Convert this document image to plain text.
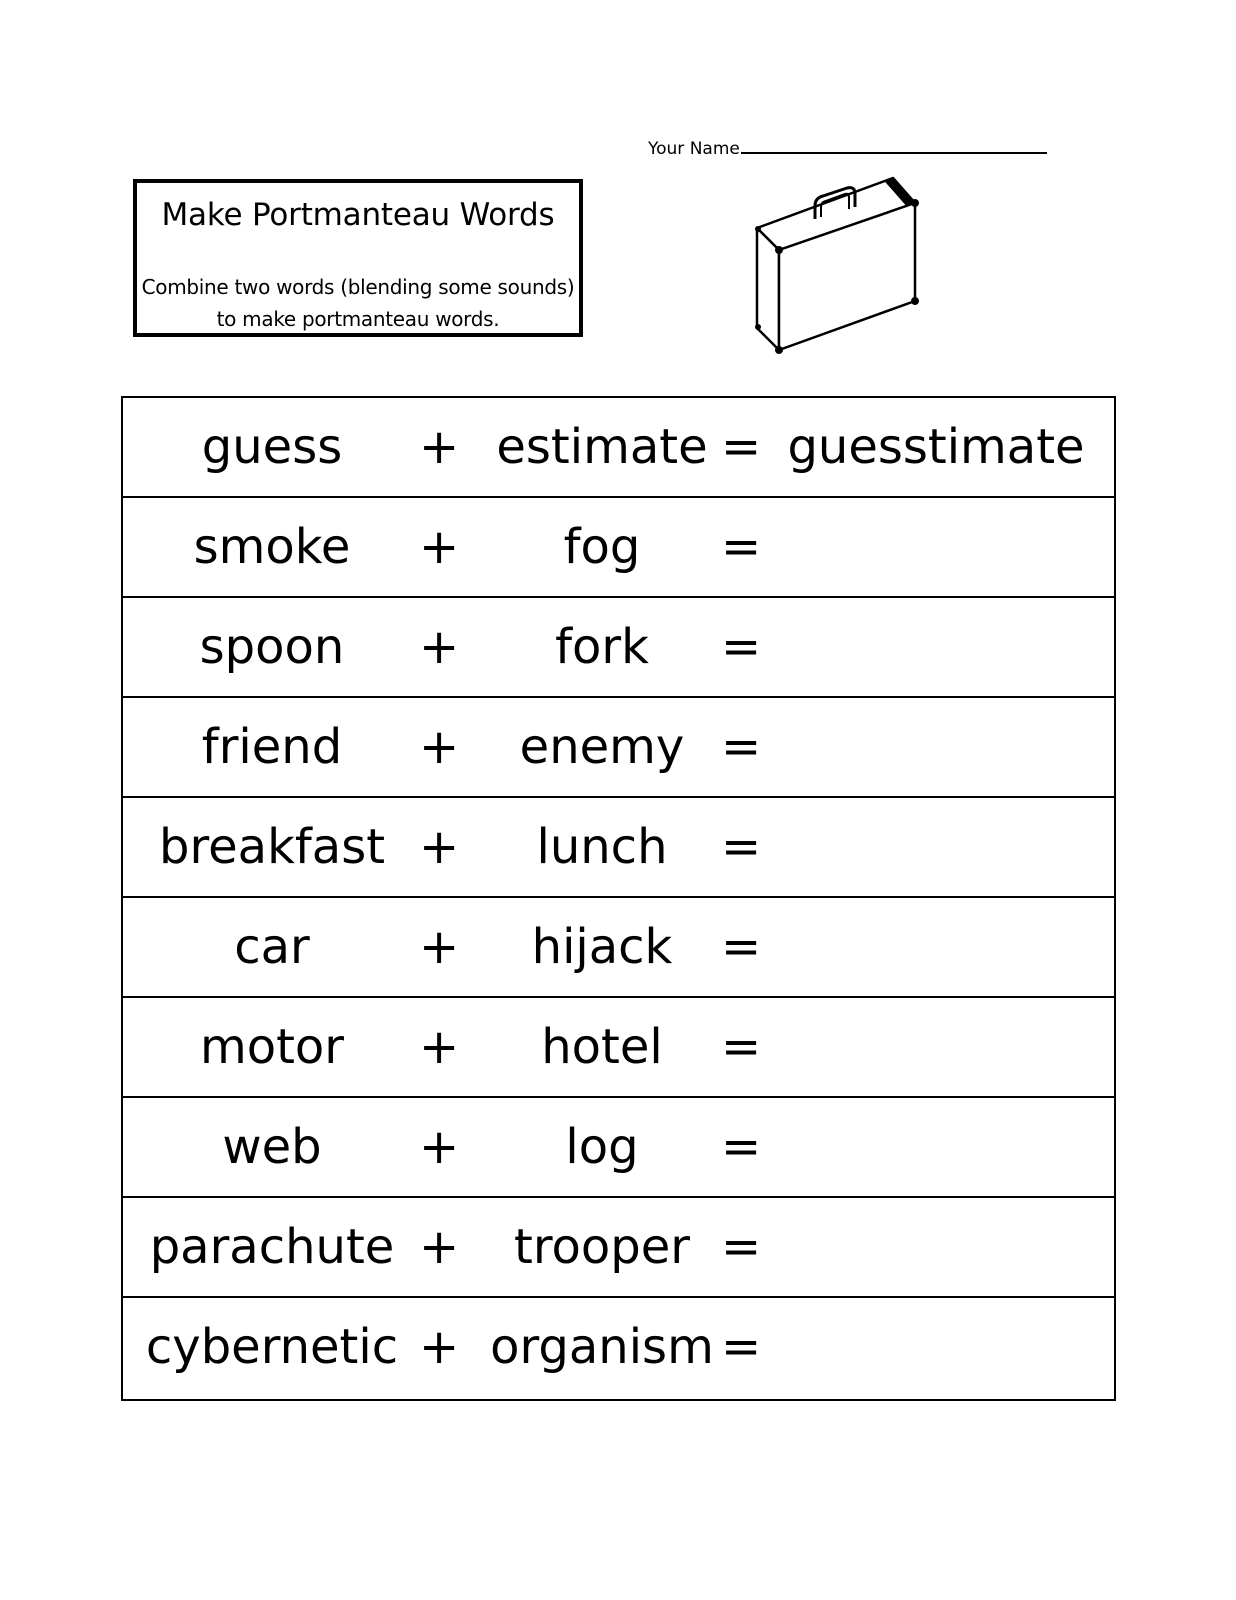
Your Name
Make Portmanteau Words
Combine two words (blending some sounds)
to make portmanteau words.
guess	+ estimate = guesstimate
smoke	+	fog	=
spoon	+	fork	=
friend	+	enemy =
breakfast +	lunch	=
car	+	hijack	=
motor	+	hotel	=
web	+	log	=
parachute +	trooper =
cybernetic + organism =
